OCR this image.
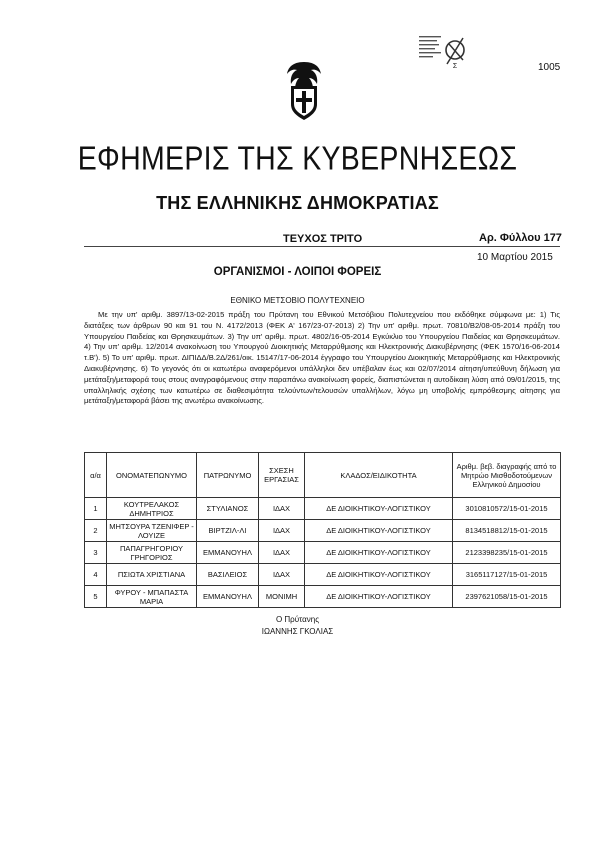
Σ	1005
ΕΦΗΜΕΡΙΣ ΤΗΣ ΚΥΒΕΡΝΗΣΕΩΣ
ΤΗΣ ΕΛΛΗΝΙΚΗΣ ΔΗΜΟΚΡΑΤΙΑΣ
ΤΕΥΧΟΣ ΤΡΙΤΟ	Αρ. Φύλλου 177
10 Μαρτίου 2015
ΟΡΓΑΝΙΣΜΟΙ - ΛΟΙΠΟΙ ΦΟΡΕΙΣ
ΕΘΝΙΚΟ ΜΕΤΣΟΒΙΟ ΠΟΛΥΤΕΧΝΕΙΟ

Με την υπ' αριθμ. 3897/13-02-2015 πράξη του Πρύτανη του Εθνικού Μετσόβιου Πολυτεχνείου που εκδόθηκε σύμφωνα με: 1) Τις διατάξεις των άρθρων 90 και 91 του Ν. 4172/2013 (ΦΕΚ Α' 167/23-07-2013) 2) Την υπ' αριθμ. πρωτ. 70810/Β2/08-05-2014 πράξη του Υπουργείου Παιδείας και Θρησκευμάτων. 3) Την υπ' αριθμ. πρωτ. 4802/16-05-2014 Εγκύκλιο του Υπουργείου Παιδείας και Θρησκευμάτων. 4) Την υπ' αριθμ. 12/2014 ανακοίνωση του Υπουργού Διοικητικής Μεταρρύθμισης και Ηλεκτρονικής Διακυβέρνησης (ΦΕΚ 1570/16-06-2014 τ.Β'). 5) Το υπ' αριθμ. πρωτ. ΔΙΠΙΔΔ/Β.2Δ/261/οικ. 15147/17-06-2014 έγγραφο του Υπουργείου Διοικητικής Μεταρρύθμισης και Ηλεκτρονικής Διακυβέρνησης. 6) Το γεγονός ότι οι κατωτέρω αναφερόμενοι υπάλληλοι δεν υπέβαλαν έως και 02/07/2014 αίτηση/υπεύθυνη δήλωση για μετάταξη/μεταφορά τους στους αναγραφόμενους στην παραπάνω ανακοίνωση φορείς, διαπιστώνεται η αυτοδίκαιη λύση από 09/01/2015, της υπαλληλικής σχέσης των κατωτέρω σε διαθεσιμότητα τελούντων/τελουσών υπαλλήλων, λόγω μη υποβολής εμπρόθεσμης αίτησης για μετάταξη/μεταφορά βάσει της ανωτέρω ανακοίνωσης.

α/α	ΟΝΟΜΑΤΕΠΩΝΥΜΟ	ΠΑΤΡΩΝΥΜΟ	ΣΧΕΣΗ ΕΡΓΑΣΙΑΣ	ΚΛΑΔΟΣ/ΕΙΔΙΚΟΤΗΤΑ	Αριθμ. βεβ. διαγραφής από το Μητρώο Μισθοδοτούμενων Ελληνικού Δημοσίου
1	ΚΟΥΤΡΕΛΑΚΟΣ ΔΗΜΗΤΡΙΟΣ	ΣΤΥΛΙΑΝΟΣ	ΙΔΑΧ	ΔΕ ΔΙΟΙΚΗΤΙΚΟΥ-ΛΟΓΙΣΤΙΚΟΥ	3010810572/15-01-2015
2	ΜΗΤΣΟΥΡΑ ΤΖΕΝΙΦΕΡ - ΛΟΥΙΖΕ	ΒΙΡΤΖΙΛ-ΛΙ	ΙΔΑΧ	ΔΕ ΔΙΟΙΚΗΤΙΚΟΥ-ΛΟΓΙΣΤΙΚΟΥ	8134518812/15-01-2015
3	ΠΑΠΑΓΡΗΓΟΡΙΟΥ ΓΡΗΓΟΡΙΟΣ	ΕΜΜΑΝΟΥΗΛ	ΙΔΑΧ	ΔΕ ΔΙΟΙΚΗΤΙΚΟΥ-ΛΟΓΙΣΤΙΚΟΥ	2123398235/15-01-2015
4	ΠΣΙΩΤΑ ΧΡΙΣΤΙΑΝΑ	ΒΑΣΙΛΕΙΟΣ	ΙΔΑΧ	ΔΕ ΔΙΟΙΚΗΤΙΚΟΥ-ΛΟΓΙΣΤΙΚΟΥ	3165117127/15-01-2015
5	ΦΥΡΟΥ - ΜΠΑΠΑΣΤΑ ΜΑΡΙΑ	ΕΜΜΑΝΟΥΗΛ	ΜΟΝΙΜΗ	ΔΕ ΔΙΟΙΚΗΤΙΚΟΥ-ΛΟΓΙΣΤΙΚΟΥ	2397621058/15-01-2015
Ο Πρύτανης
ΙΩΑΝΝΗΣ ΓΚΟΛΙΑΣ
